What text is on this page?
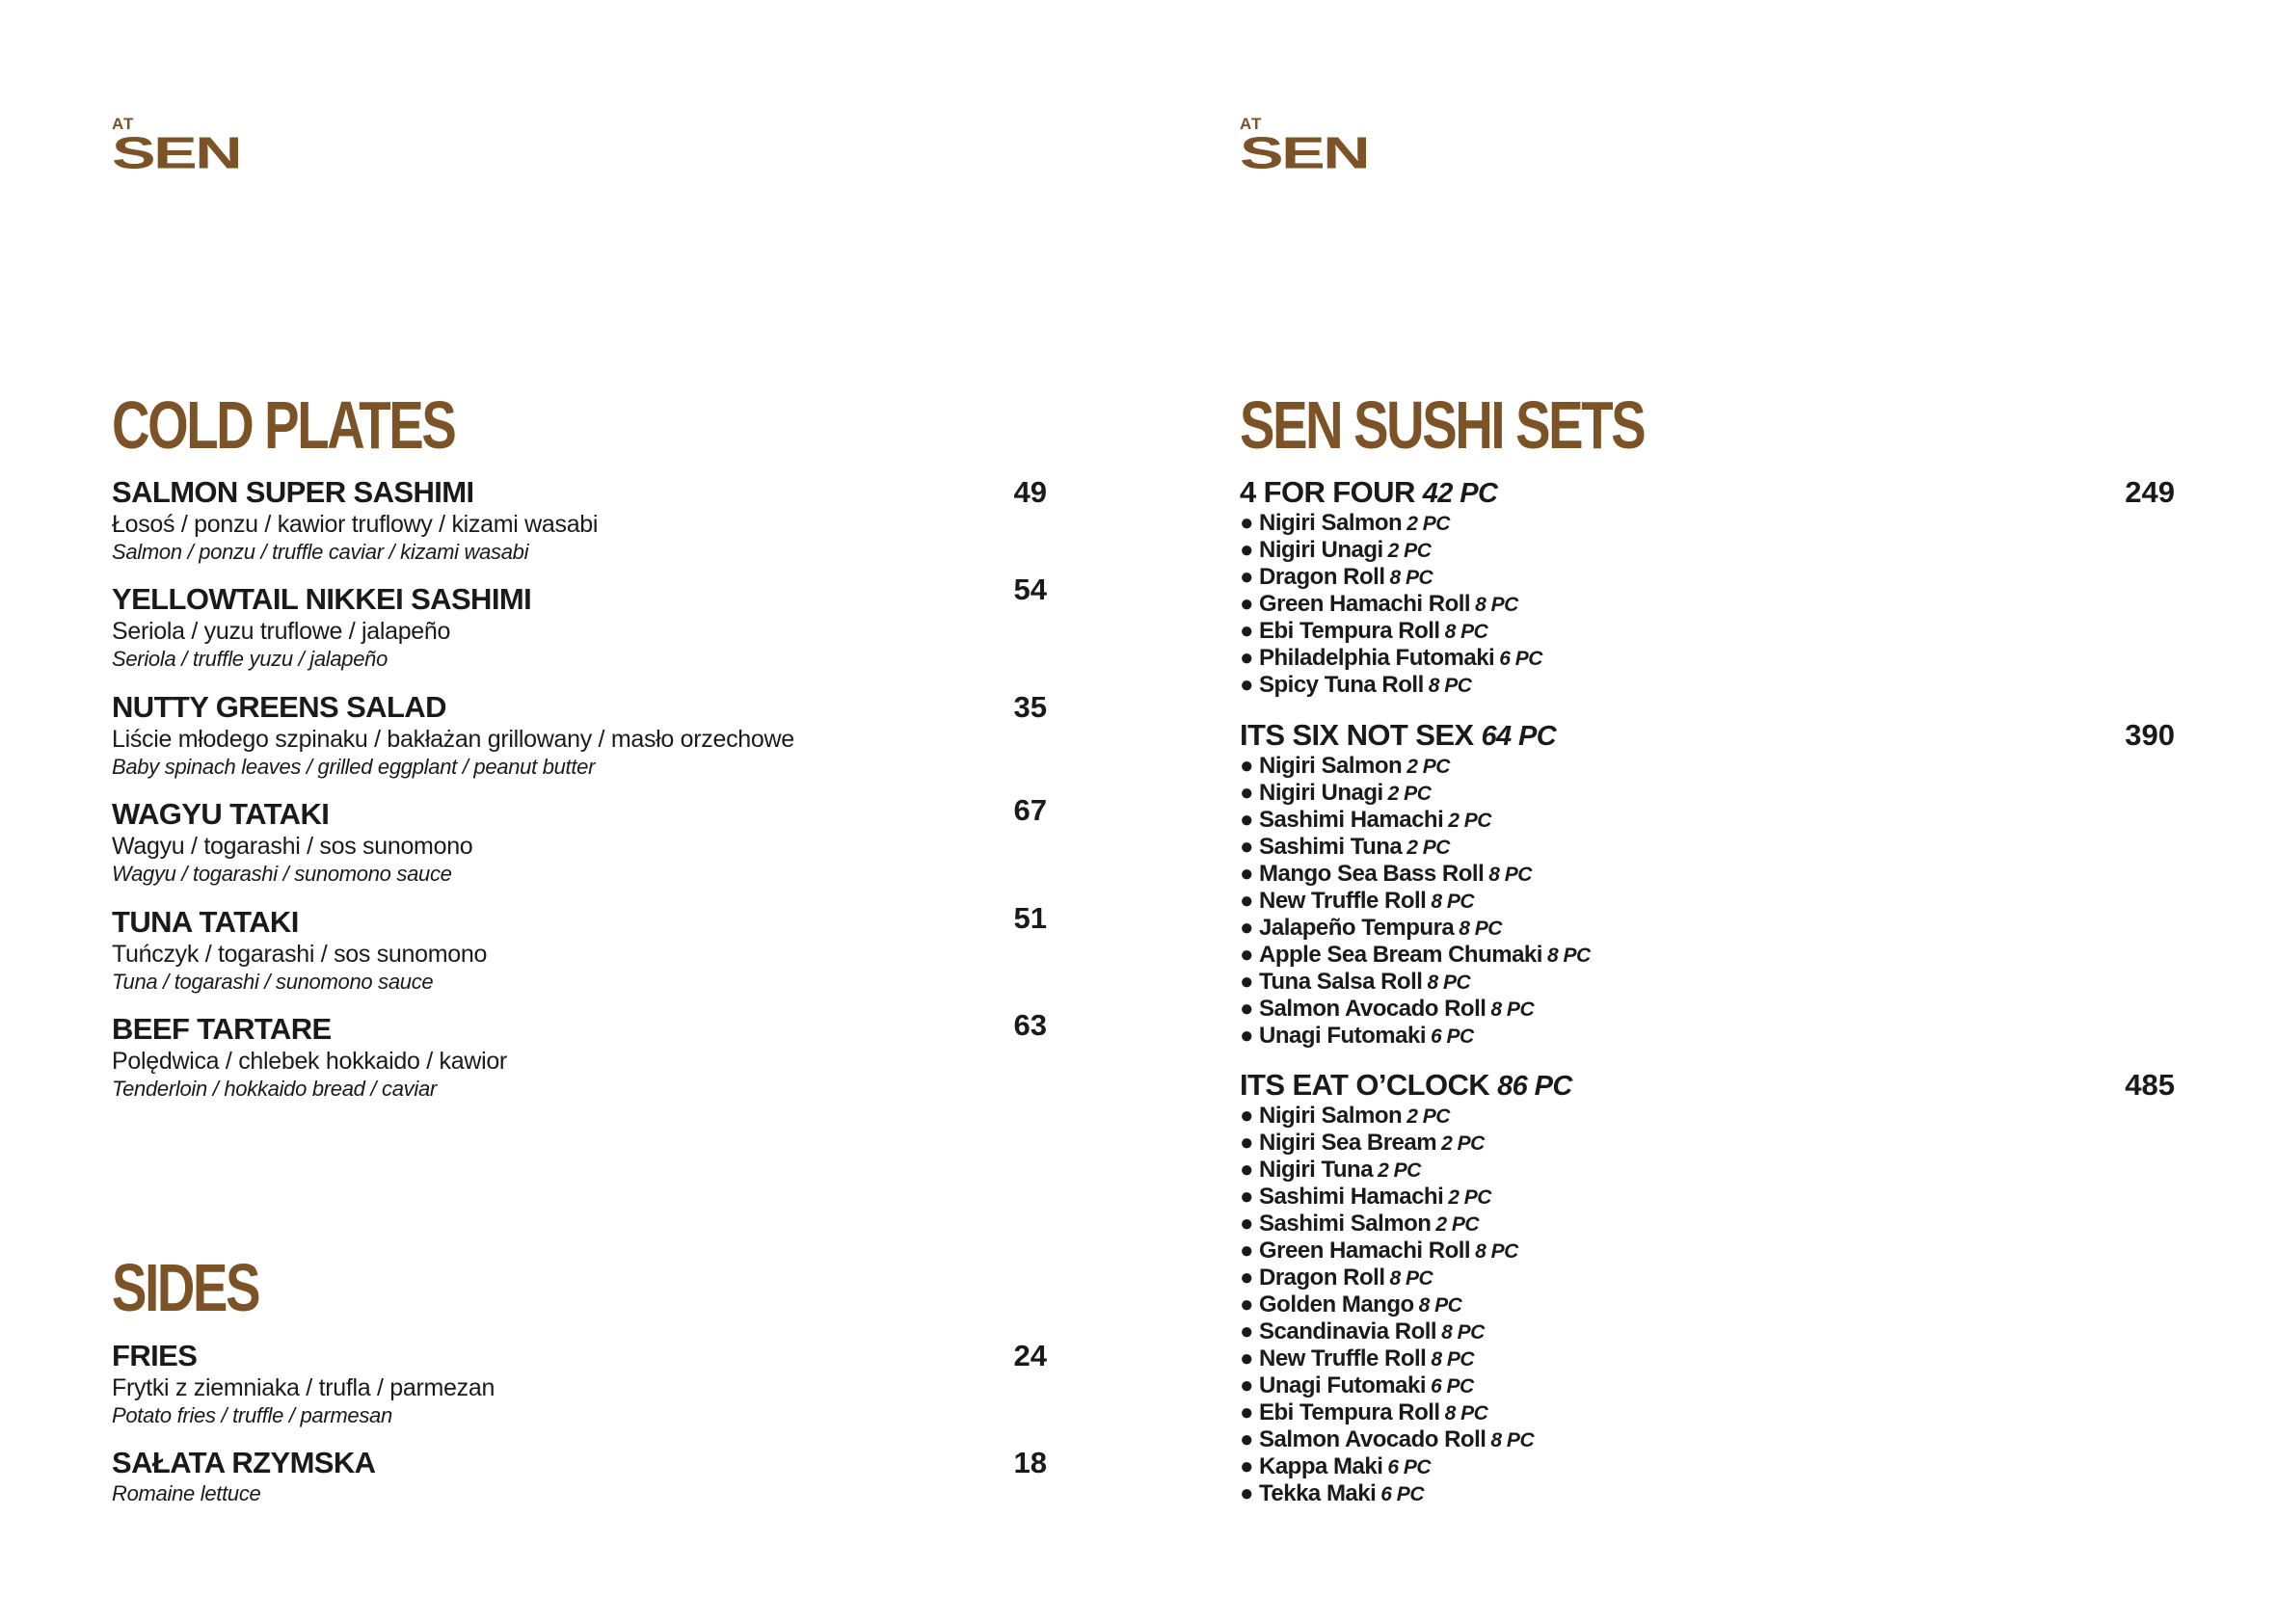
AT
SEN
AT
SEN
COLD PLATES
SALMON SUPER SASHIMI
Łosoś / ponzu / kawior truflowy / kizami wasabi
Salmon / ponzu / truffle caviar / kizami wasabi
49
YELLOWTAIL NIKKEI SASHIMI
Seriola / yuzu truflowe / jalapeño
Seriola / truffle yuzu / jalapeño
54
NUTTY GREENS SALAD
Liście młodego szpinaku / bakłażan grillowany / masło orzechowe
Baby spinach leaves / grilled eggplant / peanut butter
35
WAGYU TATAKI
Wagyu / togarashi / sos sunomono
Wagyu / togarashi / sunomono sauce
67
TUNA TATAKI
Tuńczyk / togarashi / sos sunomono
Tuna / togarashi / sunomono sauce
51
BEEF TARTARE
Polędwica / chlebek hokkaido / kawior
Tenderloin / hokkaido bread / caviar
63
SIDES
FRIES
Frytki z ziemniaka / trufla / parmezan
Potato fries / truffle / parmesan
24
SAŁATA RZYMSKA
Romaine lettuce
18
SEN SUSHI SETS
4 FOR FOUR 42 PC	249
● Nigiri Salmon 2 PC
● Nigiri Unagi 2 PC
● Dragon Roll 8 PC
● Green Hamachi Roll 8 PC
● Ebi Tempura Roll 8 PC
● Philadelphia Futomaki 6 PC
● Spicy Tuna Roll 8 PC
ITS SIX NOT SEX 64 PC	390
● Nigiri Salmon 2 PC
● Nigiri Unagi 2 PC
● Sashimi Hamachi 2 PC
● Sashimi Tuna 2 PC
● Mango Sea Bass Roll 8 PC
● New Truffle Roll 8 PC
● Jalapeño Tempura 8 PC
● Apple Sea Bream Chumaki 8 PC
● Tuna Salsa Roll 8 PC
● Salmon Avocado Roll 8 PC
● Unagi Futomaki 6 PC
ITS EAT O’CLOCK 86 PC	485
● Nigiri Salmon 2 PC
● Nigiri Sea Bream 2 PC
● Nigiri Tuna 2 PC
● Sashimi Hamachi 2 PC
● Sashimi Salmon 2 PC
● Green Hamachi Roll 8 PC
● Dragon Roll 8 PC
● Golden Mango 8 PC
● Scandinavia Roll 8 PC
● New Truffle Roll 8 PC
● Unagi Futomaki 6 PC
● Ebi Tempura Roll 8 PC
● Salmon Avocado Roll 8 PC
● Kappa Maki 6 PC
● Tekka Maki 6 PC
